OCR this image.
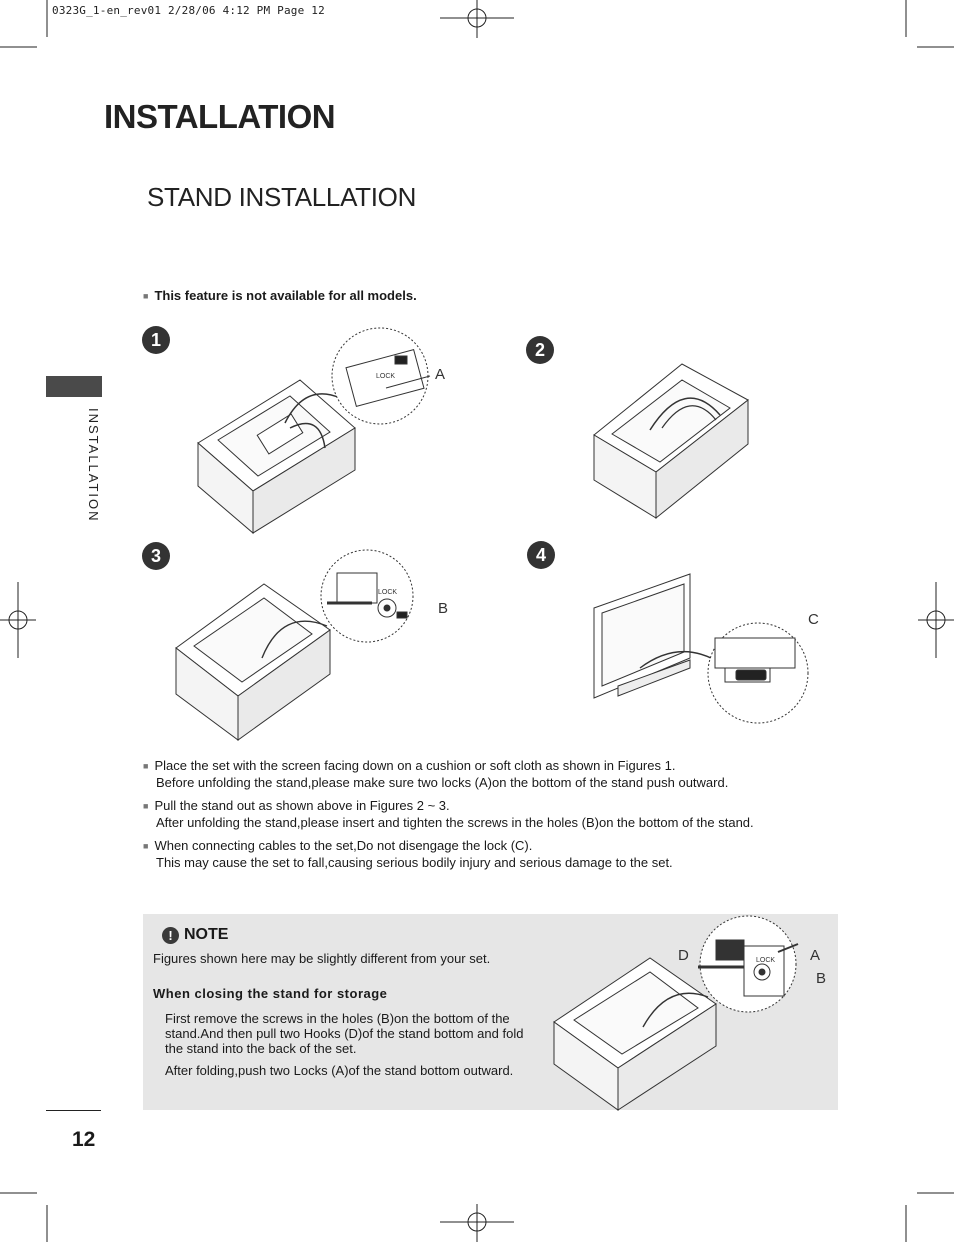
0323G_1-en_rev01 2/28/06 4:12 PM Page 12
INSTALLATION
STAND INSTALLATION
INSTALLATION
■ This feature is not available for all models.
1	2
3	4
LOCK	A
LOCK
B
C
■ Place the set with the screen facing down on a cushion or soft cloth as shown in Figures 1.
Before unfolding the stand,please make sure two locks (A)on the bottom of the stand push outward.
■ Pull the stand out as shown above in Figures 2 ~ 3.
After unfolding the stand,please insert and tighten the screws in the holes (B)on the bottom of the stand.
■ When connecting cables to the set,Do not disengage the lock (C).
This may cause the set to fall,causing serious bodily injury and serious damage to the set.
! NOTE
Figures shown here may be slightly different from your set.
When closing the stand for storage
First remove the screws in the holes (B)on the bottom of the stand.And then pull two Hooks (D)of the stand bottom and fold the stand into the back of the set.
After folding,push two Locks (A)of the stand bottom outward.
LOCK
D	A
B
12
